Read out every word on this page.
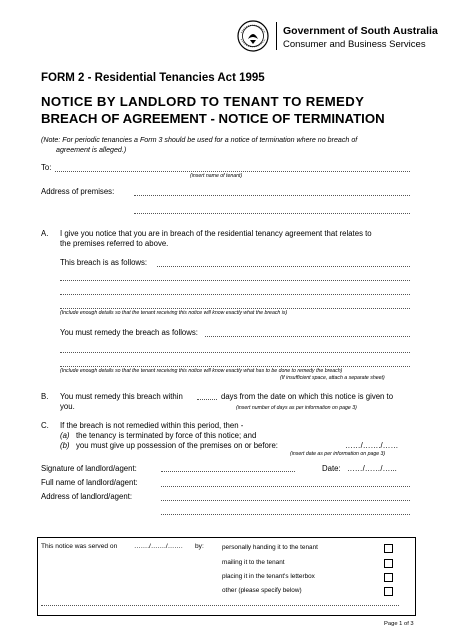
Government of South Australia
Consumer and Business Services
FORM 2 - Residential Tenancies Act 1995
NOTICE BY LANDLORD TO TENANT TO REMEDY
BREACH OF AGREEMENT - NOTICE OF TERMINATION
(Note: For periodic tenancies a Form 3 should be used for a notice of termination where no breach of
agreement is alleged.)
To:
(insert name of tenant)
Address of premises:
A. I give you notice that you are in breach of the residential tenancy agreement that relates to
the premises referred to above.
This breach is as follows:
(Include enough details so that the tenant receiving this notice will know exactly what the breach is)
You must remedy the breach as follows:
(Include enough details so that the tenant receiving this notice will know exactly what has to be done to remedy the breach)
(If insufficient space, attach a separate sheet)
B. You must remedy this breach within	days from the date on which this notice is given to
you.	(insert number of days as per information on page 3)
C. If the breach is not remedied within this period, then -
(a) the tenancy is terminated by force of this notice; and
(b) you must give up possession of the premises on or before:	……/……./……
(insert date as per information on page 3)
Signature of landlord/agent:	Date: ……/……/…...
Full name of landlord/agent:
Address of landlord/agent:
This notice was served on	……./……./……. by:	personally handing it to the tenant
mailing it to the tenant
placing it in the tenant's letterbox
other (please specify below)
Page 1 of 3
